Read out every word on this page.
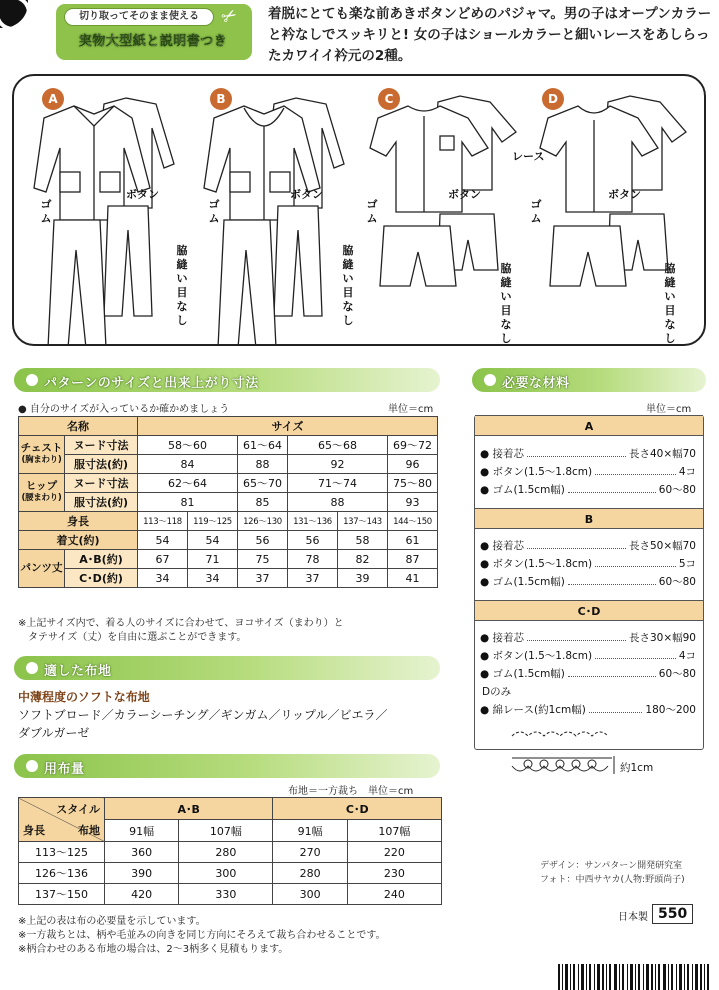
切り取ってそのまま使える
実物大型紙と説明書つき
✂ 着脱にとても楽な前あきボタンどめのパジャマ。男の子はオープンカラーと衿なしでスッキリと! 女の子はショールカラーと細いレースをあしらったカワイイ衿元の2種。
A	B	C	D
ボタン	ボタン	ボタン	ボタン
レース
ゴム
ゴム
ゴム
ゴム
脇縫い目なし
脇縫い目なし
脇縫い目なし
脇縫い目なし
パターンのサイズと出来上がり寸法
● 自分のサイズが入っているか確かめましょう	単位＝cm
名称		サイズ					
チェスト
(胸まわり)	ヌード寸法	58～60		61～64	65～68		69～72
	服寸法(約)	84		88	92		96
ヒップ
(腰まわり)	ヌード寸法	62～64		65～70	71～74		75～80
	服寸法(約)	81		85	88		93
身長		113～118	119～125	126～130	131～136	137～143	144～150
着丈(約)		54	54	56	56	58	61
パンツ丈	A･B(約)	67	71	75	78	82	87
	C･D(約)	34	34	37	37	39	41
※上記サイズ内で、着る人のサイズに合わせて、ヨコサイズ（まわり）と
タテサイズ（丈）を自由に選ぶことができます。
適した布地
中薄程度のソフトな布地
ソフトブロード／カラーシーチング／ギンガム／リップル／ビエラ／
ダブルガーゼ
用布量
布地＝一方裁ち　単位＝cm
スタイル
身長 布地	A･B		C･D	
	91幅	107幅	91幅	107幅
113～125	360	280	270	220
126～136	390	300	280	230
137～150	420	330	300	240
※上記の表は布の必要量を示しています。
※一方裁ちとは、柄や毛並みの向きを同じ方向にそろえて裁ち合わせることです。
※柄合わせのある布地の場合は、2～3柄多く見積もります。
必要な材料
単位＝cm
A
● 接着芯	長さ40×幅70
● ボタン(1.5～1.8cm)	4コ
● ゴム(1.5cm幅)	60～80
B
● 接着芯	長さ50×幅70
● ボタン(1.5～1.8cm)	5コ
● ゴム(1.5cm幅)	60～80
C･D
● 接着芯	長さ30×幅90
● ボタン(1.5～1.8cm)	4コ
● ゴム(1.5cm幅)	60～80
Dのみ
● 綿レース(約1cm幅)	180～200
約1cm
デザイン：サンパターン開発研究室
フォト：中西サヤカ(人物:野頭尚子)
日本製 550
